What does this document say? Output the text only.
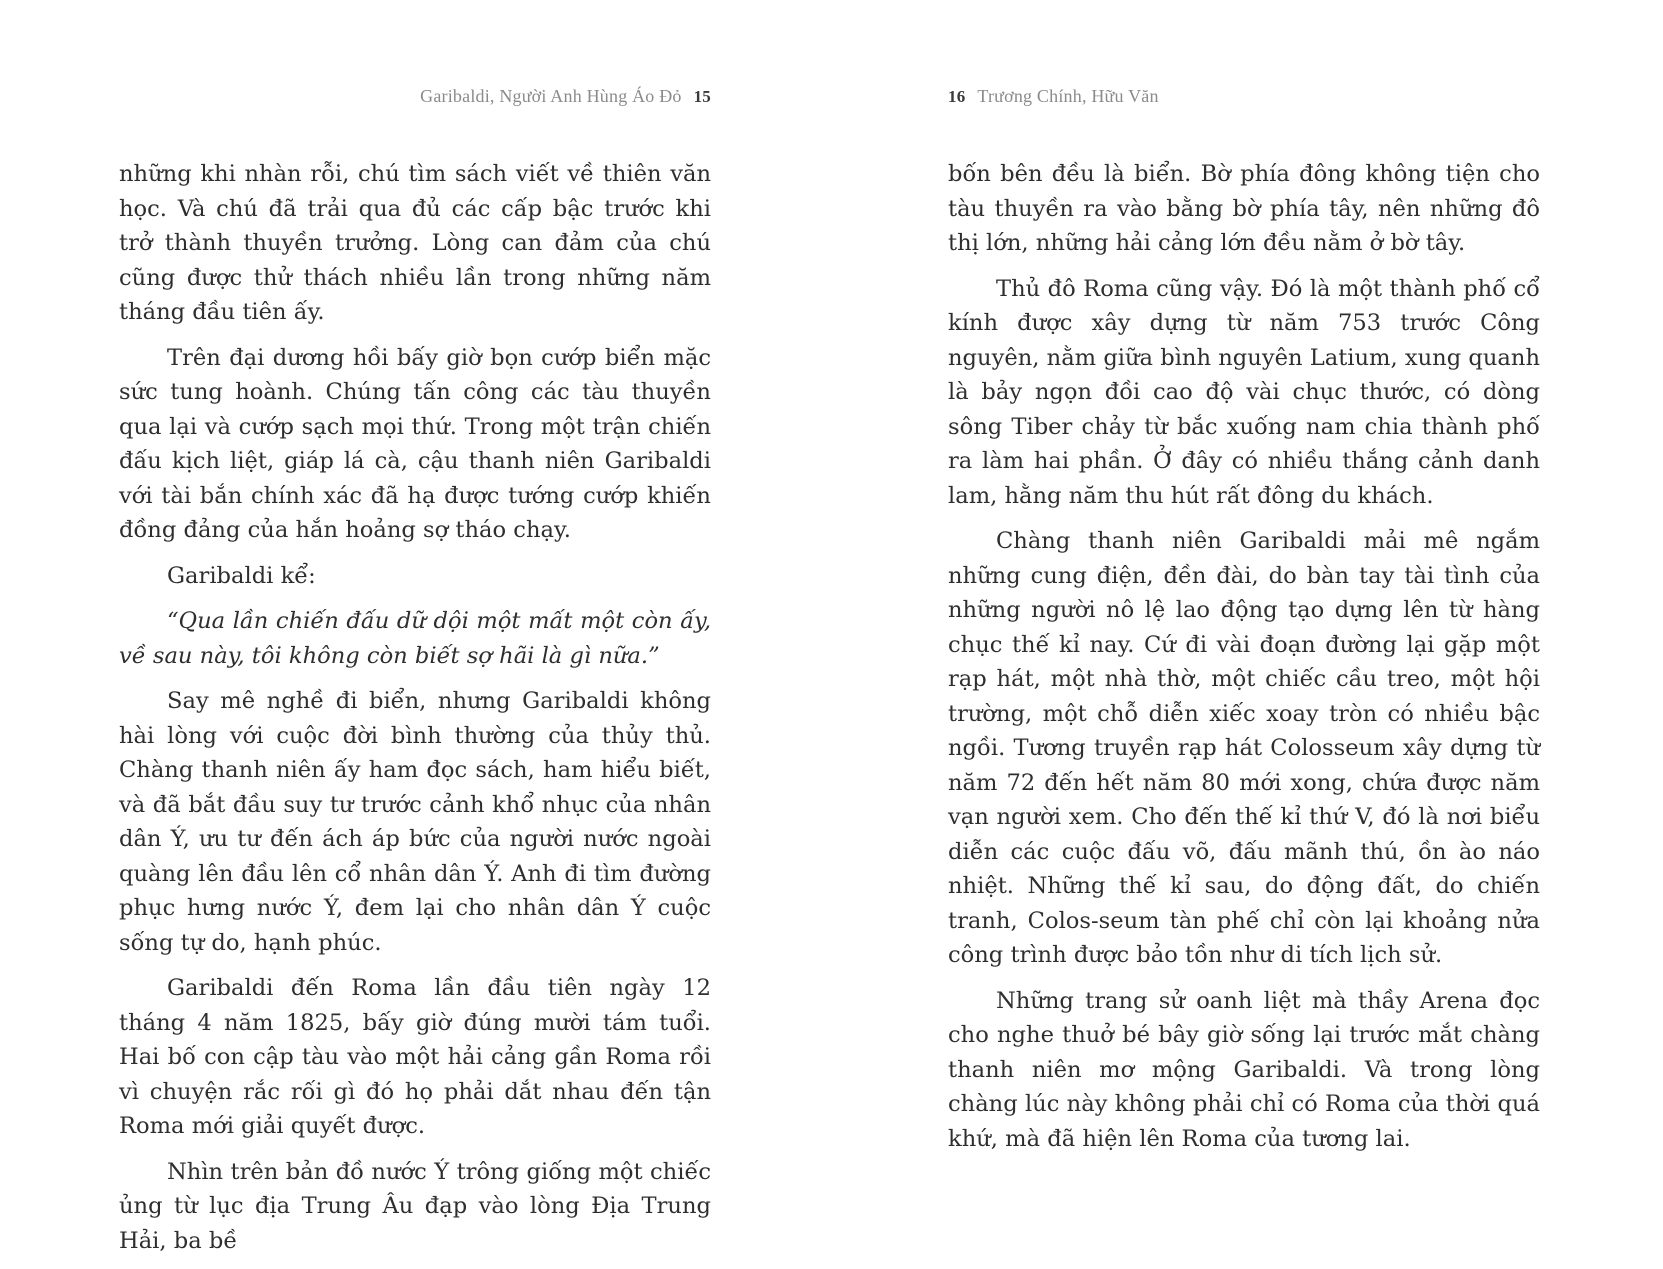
Garibaldi, Người Anh Hùng Áo Đỏ 15

những khi nhàn rỗi, chú tìm sách viết về thiên văn học. Và chú đã trải qua đủ các cấp bậc trước khi trở thành thuyền trưởng. Lòng can đảm của chú cũng được thử thách nhiều lần trong những năm tháng đầu tiên ấy.

Trên đại dương hồi bấy giờ bọn cướp biển mặc sức tung hoành. Chúng tấn công các tàu thuyền qua lại và cướp sạch mọi thứ. Trong một trận chiến đấu kịch liệt, giáp lá cà, cậu thanh niên Garibaldi với tài bắn chính xác đã hạ được tướng cướp khiến đồng đảng của hắn hoảng sợ tháo chạy.

Garibaldi kể:

“Qua lần chiến đấu dữ dội một mất một còn ấy, về sau này, tôi không còn biết sợ hãi là gì nữa.”

Say mê nghề đi biển, nhưng Garibaldi không hài lòng với cuộc đời bình thường của thủy thủ. Chàng thanh niên ấy ham đọc sách, ham hiểu biết, và đã bắt đầu suy tư trước cảnh khổ nhục của nhân dân Ý, ưu tư đến ách áp bức của người nước ngoài quàng lên đầu lên cổ nhân dân Ý. Anh đi tìm đường phục hưng nước Ý, đem lại cho nhân dân Ý cuộc sống tự do, hạnh phúc.

Garibaldi đến Roma lần đầu tiên ngày 12 tháng 4 năm 1825, bấy giờ đúng mười tám tuổi. Hai bố con cập tàu vào một hải cảng gần Roma rồi vì chuyện rắc rối gì đó họ phải dắt nhau đến tận Roma mới giải quyết được.

Nhìn trên bản đồ nước Ý trông giống một chiếc ủng từ lục địa Trung Âu đạp vào lòng Địa Trung Hải, ba bề

16 Trương Chính, Hữu Văn

bốn bên đều là biển. Bờ phía đông không tiện cho tàu thuyền ra vào bằng bờ phía tây, nên những đô thị lớn, những hải cảng lớn đều nằm ở bờ tây.

Thủ đô Roma cũng vậy. Đó là một thành phố cổ kính được xây dựng từ năm 753 trước Công nguyên, nằm giữa bình nguyên Latium, xung quanh là bảy ngọn đồi cao độ vài chục thước, có dòng sông Tiber chảy từ bắc xuống nam chia thành phố ra làm hai phần. Ở đây có nhiều thắng cảnh danh lam, hằng năm thu hút rất đông du khách.

Chàng thanh niên Garibaldi mải mê ngắm những cung điện, đền đài, do bàn tay tài tình của những người nô lệ lao động tạo dựng lên từ hàng chục thế kỉ nay. Cứ đi vài đoạn đường lại gặp một rạp hát, một nhà thờ, một chiếc cầu treo, một hội trường, một chỗ diễn xiếc xoay tròn có nhiều bậc ngồi. Tương truyền rạp hát Colosseum xây dựng từ năm 72 đến hết năm 80 mới xong, chứa được năm vạn người xem. Cho đến thế kỉ thứ V, đó là nơi biểu diễn các cuộc đấu võ, đấu mãnh thú, ồn ào náo nhiệt. Những thế kỉ sau, do động đất, do chiến tranh, Colos-seum tàn phế chỉ còn lại khoảng nửa công trình được bảo tồn như di tích lịch sử.

Những trang sử oanh liệt mà thầy Arena đọc cho nghe thuở bé bây giờ sống lại trước mắt chàng thanh niên mơ mộng Garibaldi. Và trong lòng chàng lúc này không phải chỉ có Roma của thời quá khứ, mà đã hiện lên Roma của tương lai.
